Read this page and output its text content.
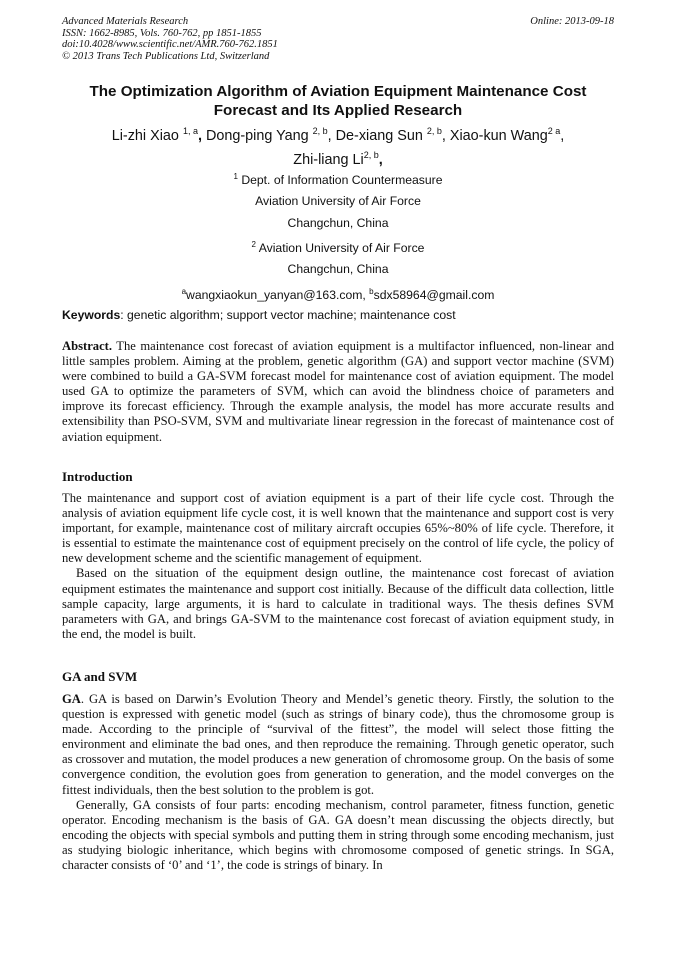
Advanced Materials Research
ISSN: 1662-8985, Vols. 760-762, pp 1851-1855
doi:10.4028/www.scientific.net/AMR.760-762.1851
© 2013 Trans Tech Publications Ltd, Switzerland
Online: 2013-09-18
The Optimization Algorithm of Aviation Equipment Maintenance Cost Forecast and Its Applied Research
Li-zhi Xiao $^{1, a}$, Dong-ping Yang $^{2, b}$, De-xiang Sun $^{2, b}$, Xiao-kun Wang$^{2 a}$,
Zhi-liang Li$^{2, b}$,
$^1$ Dept. of Information Countermeasure
Aviation University of Air Force
Changchun, China
$^2$ Aviation University of Air Force
Changchun, China
$^a$wangxiaokun_yanyan@163.com, $^b$sdx58964@gmail.com
Keywords: genetic algorithm; support vector machine; maintenance cost

Abstract. The maintenance cost forecast of aviation equipment is a multifactor influenced, non-linear and little samples problem. Aiming at the problem, genetic algorithm (GA) and support vector machine (SVM) were combined to build a GA-SVM forecast model for maintenance cost of aviation equipment. The model used GA to optimize the parameters of SVM, which can avoid the blindness choice of parameters and improve its forecast efficiency. Through the example analysis, the model has more accurate results and extensibility than PSO-SVM, SVM and multivariate linear regression in the forecast of maintenance cost of aviation equipment.

Introduction

The maintenance and support cost of aviation equipment is a part of their life cycle cost. Through the analysis of aviation equipment life cycle cost, it is well known that the maintenance and support cost is very important, for example, maintenance cost of military aircraft occupies 65%~80% of life cycle. Therefore, it is essential to estimate the maintenance cost of equipment precisely on the control of life cycle, the policy of new development scheme and the scientific management of equipment.

Based on the situation of the equipment design outline, the maintenance cost forecast of aviation equipment estimates the maintenance and support cost initially. Because of the difficult data collection, little sample capacity, large arguments, it is hard to calculate in traditional ways. The thesis defines SVM parameters with GA, and brings GA-SVM to the maintenance cost forecast of aviation equipment study, in the end, the model is built.

GA and SVM

GA. GA is based on Darwin’s Evolution Theory and Mendel’s genetic theory. Firstly, the solution to the question is expressed with genetic model (such as strings of binary code), thus the chromosome group is made. According to the principle of “survival of the fittest”, the model will select those fitting the environment and eliminate the bad ones, and then reproduce the remaining. Through genetic operator, such as crossover and mutation, the model produces a new generation of chromosome group. On the basis of some convergence condition, the evolution goes from generation to generation, and the model converges on the fittest individuals, then the best solution to the problem is got.

Generally, GA consists of four parts: encoding mechanism, control parameter, fitness function, genetic operator. Encoding mechanism is the basis of GA. GA doesn’t mean discussing the objects directly, but encoding the objects with special symbols and putting them in string through some encoding mechanism, just as studying biologic inheritance, which begins with chromosome composed of genetic strings. In SGA, character consists of ‘0’ and ‘1’, the code is strings of binary. In
